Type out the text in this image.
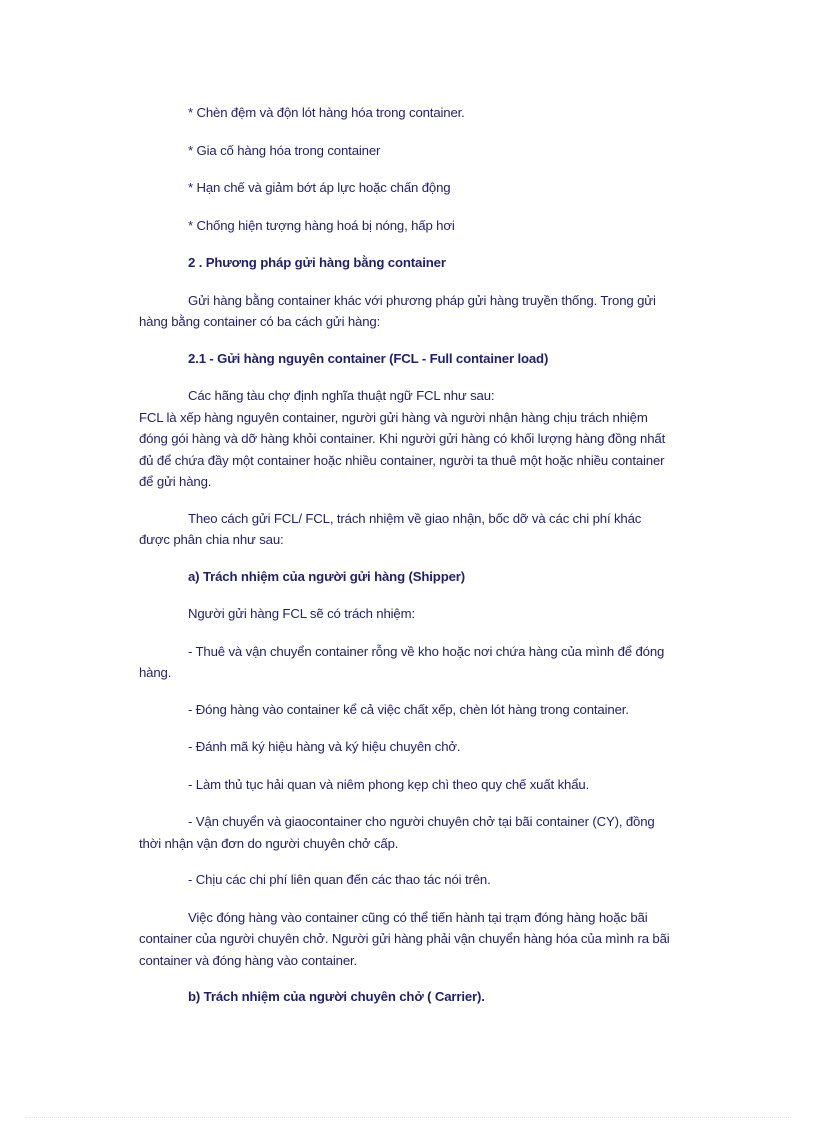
* Chèn đệm và độn lót hàng hóa trong container.

* Gia cố hàng hóa trong container

* Hạn chế và giảm bớt áp lực hoặc chấn động

* Chống hiện tượng hàng hoá bị nóng, hấp hơi

2 . Phương pháp gửi hàng bằng container

Gửi hàng bằng container khác với phương pháp gửi hàng truyền thống. Trong gửi hàng bằng container có ba cách gửi hàng:

2.1 - Gửi hàng nguyên container (FCL - Full container load)

Các hãng tàu chợ định nghĩa thuật ngữ FCL như sau:

FCL là xếp hàng nguyên container, người gửi hàng và người nhận hàng chịu trách nhiệm đóng gói hàng và dỡ hàng khỏi container. Khi người gửi hàng có khối lượng hàng đồng nhất đủ để chứa đầy một container hoặc nhiều container, người ta thuê một hoặc nhiều container để gửi hàng.

Theo cách gửi FCL/ FCL, trách nhiệm về giao nhận, bốc dỡ và các chi phí khác được phân chia như sau:

a) Trách nhiệm của người gửi hàng (Shipper)

Người gửi hàng FCL sẽ có trách nhiệm:

- Thuê và vận chuyển container rỗng về kho hoặc nơi chứa hàng của mình để đóng hàng.

- Đóng hàng vào container kể cả việc chất xếp, chèn lót hàng trong container.

- Đánh mã ký hiệu hàng và ký hiệu chuyên chở.

- Làm thủ tục hải quan và niêm phong kẹp chì theo quy chế xuất khẩu.

- Vận chuyển và giaocontainer cho người chuyên chở tại bãi container (CY), đồng thời nhận vận đơn do người chuyên chở cấp.

- Chịu các chi phí liên quan đến các thao tác nói trên.

Việc đóng hàng vào container cũng có thể tiến hành tại trạm đóng hàng hoặc bãi container của người chuyên chở. Người gửi hàng phải vận chuyển hàng hóa của mình ra bãi container và đóng hàng vào container.

b) Trách nhiệm của người chuyên chở ( Carrier).
